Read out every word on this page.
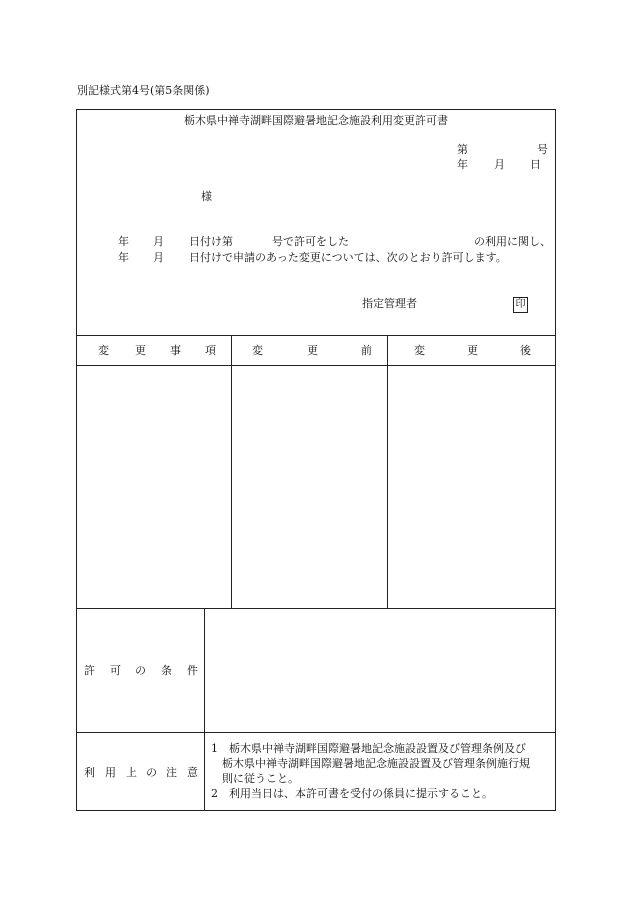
別記様式第4号(第5条関係)
栃木県中禅寺湖畔国際避暑地記念施設利用変更許可書
第	号
年 月 日
様
年 月 日付け第	号で許可をした	の利用に関し、
年 月 日付けで申請のあった変更については、次のとおり許可します。
指定管理者	印
変 更 事 項	変	更	前	変	更	後
許 可 の 条 件
利 用 上 の 注 意
1　栃木県中禅寺湖畔国際避暑地記念施設設置及び管理条例及び
　栃木県中禅寺湖畔国際避暑地記念施設設置及び管理条例施行規
　則に従うこと。
2　利用当日は、本許可書を受付の係員に提示すること。
